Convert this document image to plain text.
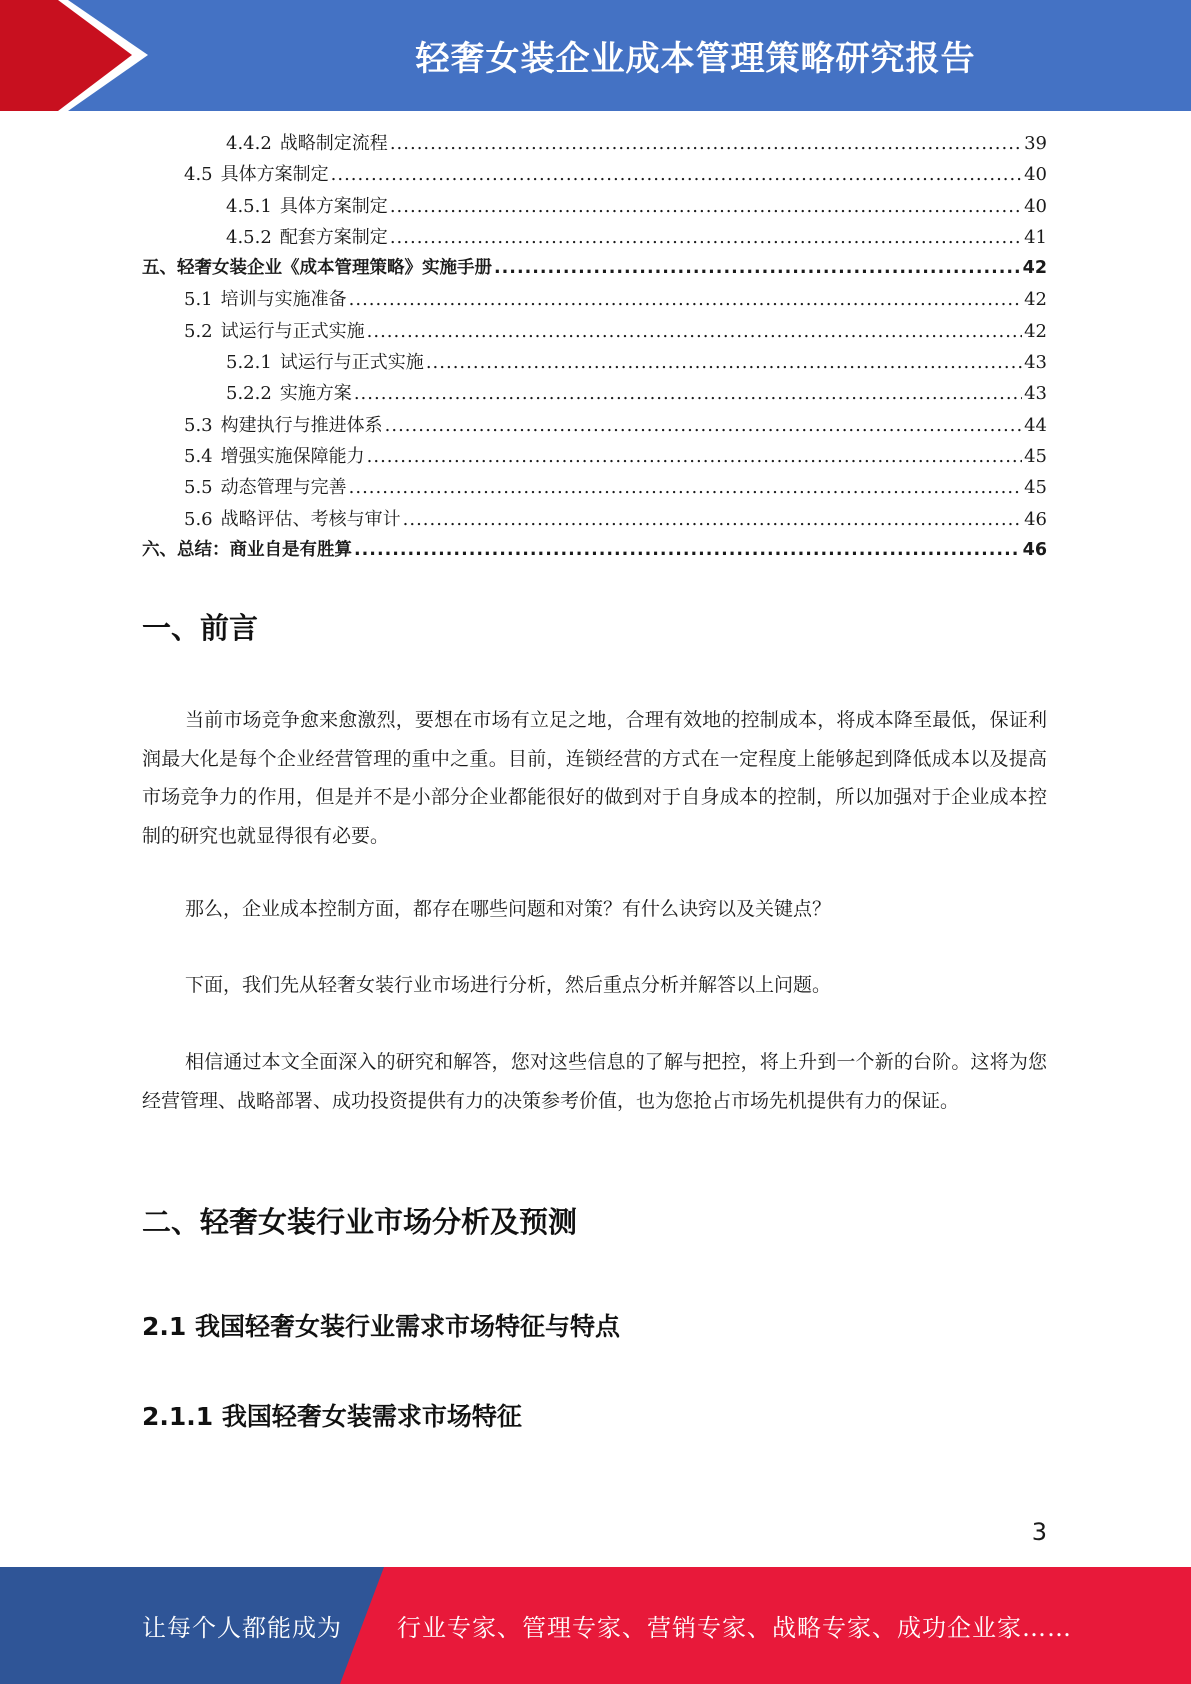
轻奢女装企业成本管理策略研究报告
4.4.2 战略制定流程 .....	39
4.5 具体方案制定 .....	40
4.5.1 具体方案制定 .....	40
4.5.2 配套方案制定 .....	41
五、轻奢女装企业《成本管理策略》实施手册 .....	42
5.1 培训与实施准备 .....	42
5.2 试运行与正式实施 .....	42
5.2.1 试运行与正式实施 .....	43
5.2.2 实施方案 .....	43
5.3 构建执行与推进体系 .....	44
5.4 增强实施保障能力 .....	45
5.5 动态管理与完善 .....	45
5.6 战略评估、考核与审计 .....	46
六、总结：商业自是有胜算 .....	46
一、前言

当前市场竞争愈来愈激烈，要想在市场有立足之地，合理有效地的控制成本，将成本降至最低，保证利润最大化是每个企业经营管理的重中之重。目前，连锁经营的方式在一定程度上能够起到降低成本以及提高市场竞争力的作用，但是并不是小部分企业都能很好的做到对于自身成本的控制，所以加强对于企业成本控制的研究也就显得很有必要。

那么，企业成本控制方面，都存在哪些问题和对策？有什么诀窍以及关键点？

下面，我们先从轻奢女装行业市场进行分析，然后重点分析并解答以上问题。

相信通过本文全面深入的研究和解答，您对这些信息的了解与把控，将上升到一个新的台阶。这将为您经营管理、战略部署、成功投资提供有力的决策参考价值，也为您抢占市场先机提供有力的保证。

二、轻奢女装行业市场分析及预测
2.1 我国轻奢女装行业需求市场特征与特点
2.1.1 我国轻奢女装需求市场特征
3
让每个人都能成为 行业专家、管理专家、营销专家、战略专家、成功企业家……
